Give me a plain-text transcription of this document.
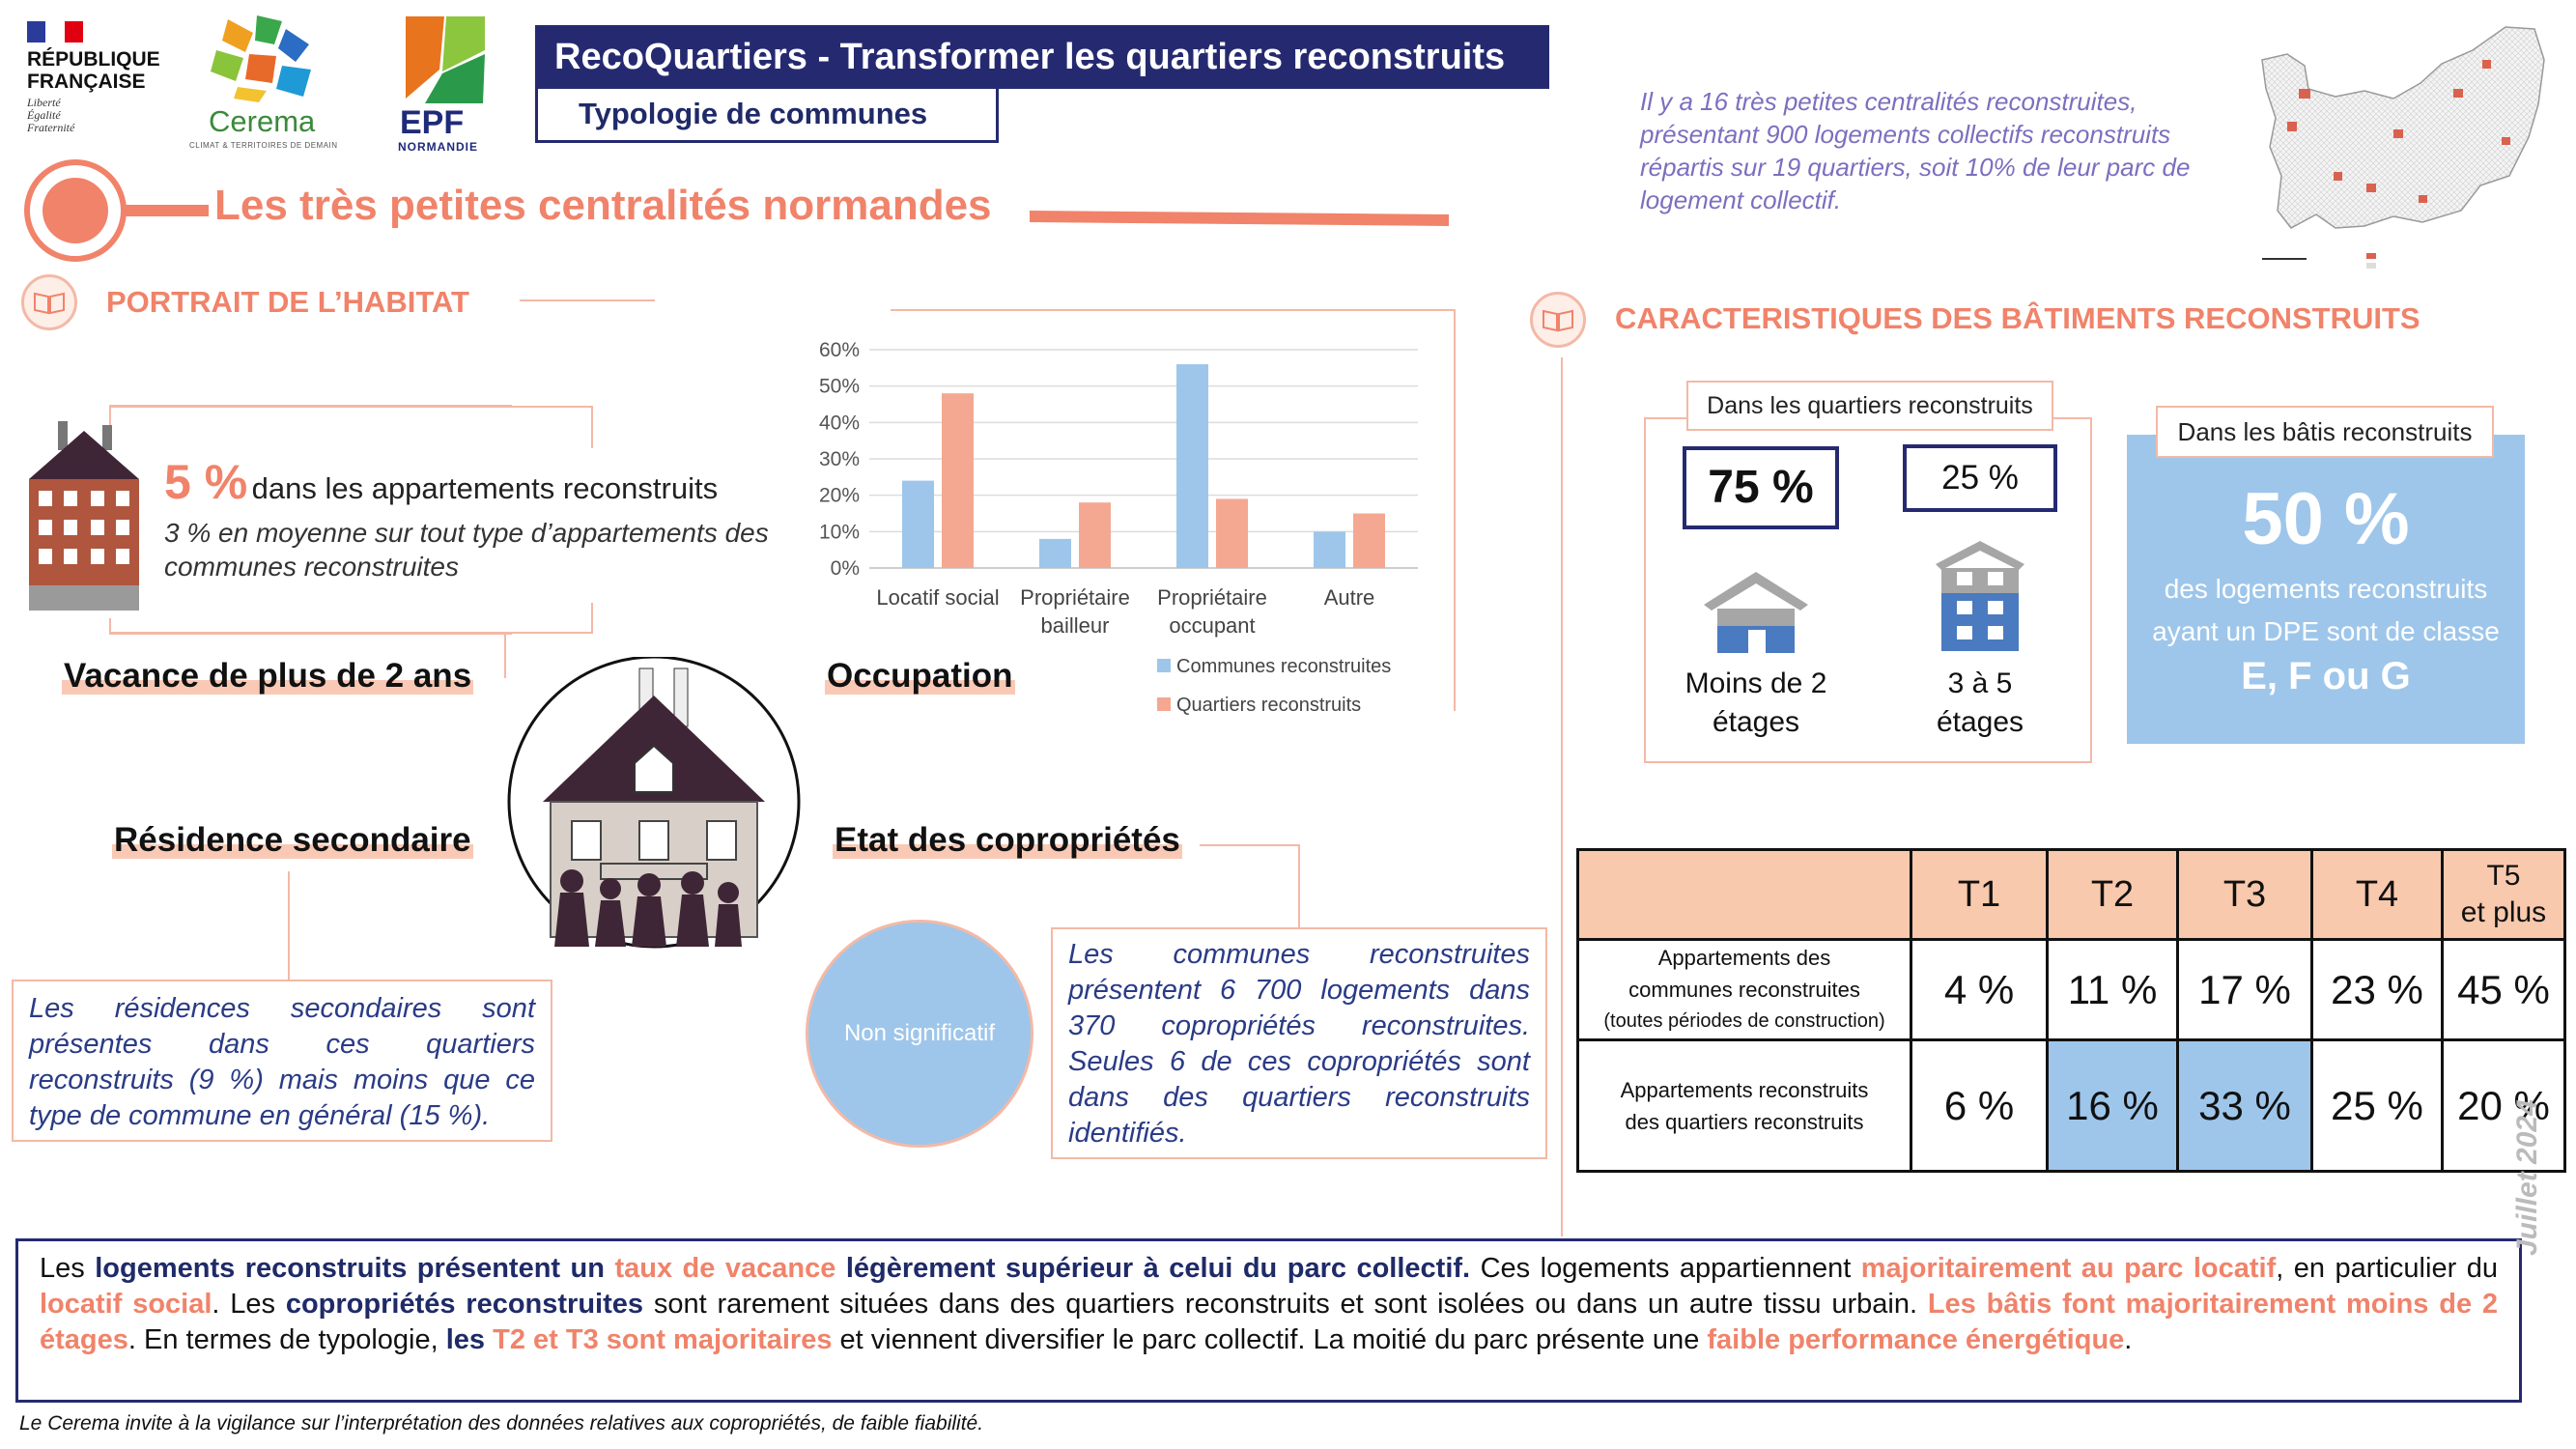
RÉPUBLIQUE
FRANÇAISE
Liberté
Égalité
Fraternité	Cerema
CLIMAT & TERRITOIRES DE DEMAIN
EPF
NORMANDIE
RecoQuartiers - Transformer les quartiers reconstruits
Typologie de communes	Il y a 16 très petites centralités reconstruites, présentant 900 logements collectifs reconstruits répartis sur 19 quartiers, soit 10% de leur parc de logement collectif.
Les très petites centralités normandes
PORTRAIT DE L’HABITAT
5 % dans les appartements reconstruits
3 % en moyenne sur tout type d’appartements des communes reconstruites
Vacance de plus de 2 ans
Résidence secondaire
Les résidences secondaires sont présentes dans ces quartiers reconstruits (9 %) mais moins que ce type de commune en général (15 %).
60%
50%
40%
30%
20%
10%
0%
Locatif social Propriétaire
bailleur
Propriétaire
occupant
Autre
Communes reconstruites
Quartiers reconstruits
Occupation
Etat des copropriétés
Non significatif
Les communes reconstruites présentent 6 700 logements dans 370 copropriétés reconstruites. Seules 6 de ces copropriétés sont dans des quartiers reconstruits identifiés.
CARACTERISTIQUES DES BÂTIMENTS RECONSTRUITS
Dans les quartiers reconstruits
75 %	25 %
Moins de 2
étages
3 à 5
étages
50 %
des logements reconstruits
ayant un DPE sont de classe
E, F ou G
Dans les bâtis reconstruits
	T1	T2	T3	T4	T5
et plus

Appartements des
communes reconstruites
(toutes périodes de construction)	4 %	11 %	17 %	23 %	45 %

Appartements reconstruits
des quartiers reconstruits	6 %	16 %	33 %	25 %	20 %
Les logements reconstruits présentent un taux de vacance légèrement supérieur à celui du parc collectif. Ces logements appartiennent majoritairement au parc locatif, en particulier du locatif social. Les copropriétés reconstruites sont rarement situées dans des quartiers reconstruits et sont isolées ou dans un autre tissu urbain. Les bâtis font majoritairement moins de 2 étages. En termes de typologie, les T2 et T3 sont majoritaires et viennent diversifier le parc collectif. La moitié du parc présente une faible performance énergétique.
Le Cerema invite à la vigilance sur l’interprétation des données relatives aux copropriétés, de faible fiabilité.
Juillet 2024
